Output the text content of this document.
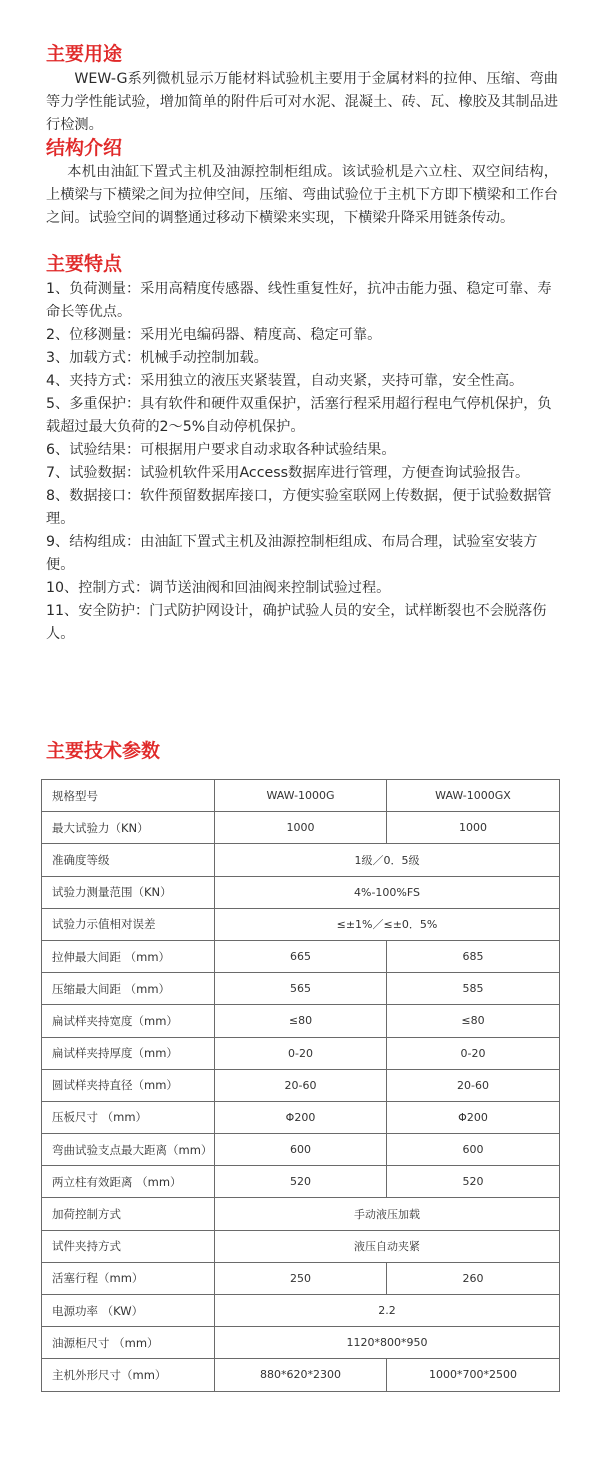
主要用途

WEW-G系列微机显示万能材料试验机主要用于金属材料的拉伸、压缩、弯曲等力学性能试验，增加简单的附件后可对水泥、混凝土、砖、瓦、橡胶及其制品进行检测。

结构介绍

本机由油缸下置式主机及油源控制柜组成。该试验机是六立柱、双空间结构，上横梁与下横梁之间为拉伸空间，压缩、弯曲试验位于主机下方即下横梁和工作台之间。试验空间的调整通过移动下横梁来实现，下横梁升降采用链条传动。

主要特点
1、负荷测量：采用高精度传感器、线性重复性好，抗冲击能力强、稳定可靠、寿命长等优点。
2、位移测量：采用光电编码器、精度高、稳定可靠。
3、加载方式：机械手动控制加载。
4、夹持方式：采用独立的液压夹紧装置，自动夹紧，夹持可靠，安全性高。
5、多重保护：具有软件和硬件双重保护，活塞行程采用超行程电气停机保护，负载超过最大负荷的2～5%自动停机保护。
6、试验结果：可根据用户要求自动求取各种试验结果。
7、试验数据：试验机软件采用Access数据库进行管理，方便查询试验报告。
8、数据接口：软件预留数据库接口，方便实验室联网上传数据，便于试验数据管理。
9、结构组成：由油缸下置式主机及油源控制柜组成、布局合理，试验室安装方便。
10、控制方式：调节送油阀和回油阀来控制试验过程。
11、安全防护：门式防护网设计，确护试验人员的安全，试样断裂也不会脱落伤人。
主要技术参数
规格型号	WAW-1000G	WAW-1000GX
最大试验力（KN）	1000	1000
准确度等级	1级／0．5级	
试验力测量范围（KN）	4%-100%FS	
试验力示值相对误差	≤±1%／≤±0．5%	
拉伸最大间距 （mm）	665	685
压缩最大间距 （mm）	565	585
扁试样夹持宽度（mm）	≤80	≤80
扁试样夹持厚度（mm）	0-20	0-20
圆试样夹持直径（mm）	20-60	20-60
压板尺寸 （mm）	Φ200	Φ200
弯曲试验支点最大距离（mm）	600	600
两立柱有效距离 （mm）	520	520
加荷控制方式	手动液压加载	
试件夹持方式	液压自动夹紧	
活塞行程（mm）	250	260
电源功率 （KW）	2.2	
油源柜尺寸 （mm）	1120*800*950	
主机外形尺寸（mm）	880*620*2300	1000*700*2500
